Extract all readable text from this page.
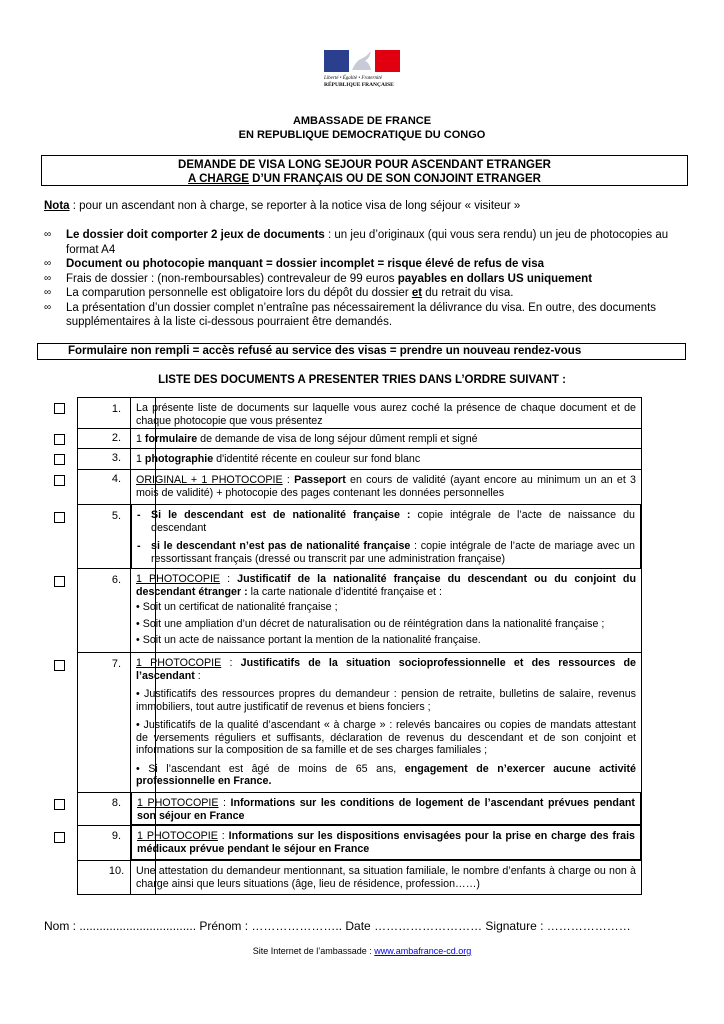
Liberté • Égalité • Fraternité
RÉPUBLIQUE FRANÇAISE
AMBASSADE DE FRANCE
EN REPUBLIQUE DEMOCRATIQUE DU CONGO
DEMANDE DE VISA LONG SEJOUR POUR ASCENDANT ETRANGER
A CHARGE D’UN FRANÇAIS OU DE SON CONJOINT ETRANGER
Nota : pour un ascendant non à charge, se reporter à la notice visa de long séjour « visiteur »
∞	Le dossier doit comporter 2 jeux de documents : un jeu d’originaux (qui vous sera rendu) un jeu de photocopies au format A4
∞	Document ou photocopie manquant = dossier incomplet = risque élevé de refus de visa
∞	Frais de dossier : (non-remboursables) contrevaleur de 99 euros payables en dollars US uniquement
∞	La comparution personnelle est obligatoire lors du dépôt du dossier et du retrait du visa.
∞	La présentation d’un dossier complet n’entraîne pas nécessairement la délivrance du visa. En outre, des documents supplémentaires à la liste ci-dessous pourraient être demandés.
Formulaire non rempli = accès refusé au service des visas = prendre un nouveau rendez-vous
LISTE DES DOCUMENTS A PRESENTER TRIES DANS L’ORDRE SUIVANT :
1.	La présente liste de documents sur laquelle vous aurez coché la présence de chaque document et de chaque photocopie que vous présentez
2.	1 formulaire de demande de visa de long séjour dûment rempli et signé
3.	1 photographie d'identité récente en couleur sur fond blanc
4.	ORIGINAL + 1 PHOTOCOPIE : Passeport en cours de validité (ayant encore au minimum un an et 3 mois de validité) + photocopie des pages contenant les données personnelles
5.	- Si le descendant est de nationalité française : copie intégrale de l’acte de naissance du descendant
- si le descendant n’est pas de nationalité française : copie intégrale de l’acte de mariage avec un ressortissant français (dressé ou transcrit par une administration française)
6.	1 PHOTOCOPIE : Justificatif de la nationalité française du descendant ou du conjoint du descendant étranger : la carte nationale d’identité française et :
• Soit un certificat de nationalité française ;
• Soit une ampliation d’un décret de naturalisation ou de réintégration dans la nationalité française ;
• Soit un acte de naissance portant la mention de la nationalité française.
7.	1 PHOTOCOPIE : Justificatifs de la situation socioprofessionnelle et des ressources de l’ascendant :
• Justificatifs des ressources propres du demandeur : pension de retraite, bulletins de salaire, revenus immobiliers, tout autre justificatif de revenus et biens fonciers ;
• Justificatifs de la qualité d’ascendant « à charge » : relevés bancaires ou copies de mandats attestant de versements réguliers et suffisants, déclaration de revenus du descendant et de son conjoint et informations sur la composition de sa famille et de ses charges familiales ;
• Si l’ascendant est âgé de moins de 65 ans, engagement de n’exercer aucune activité professionnelle en France.
8.	1 PHOTOCOPIE : Informations sur les conditions de logement de l’ascendant prévues pendant son séjour en France
9.	1 PHOTOCOPIE : Informations sur les dispositions envisagées pour la prise en charge des frais médicaux prévue pendant le séjour en France
10.	Une attestation du demandeur mentionnant, sa situation familiale, le nombre d’enfants à charge ou non à charge ainsi que leurs situations (âge, lieu de résidence, profession……)
Nom : ................................... Prénom : ………………….. Date ……………………… Signature : …………………
Site Internet de l’ambassade : www.ambafrance-cd.org
